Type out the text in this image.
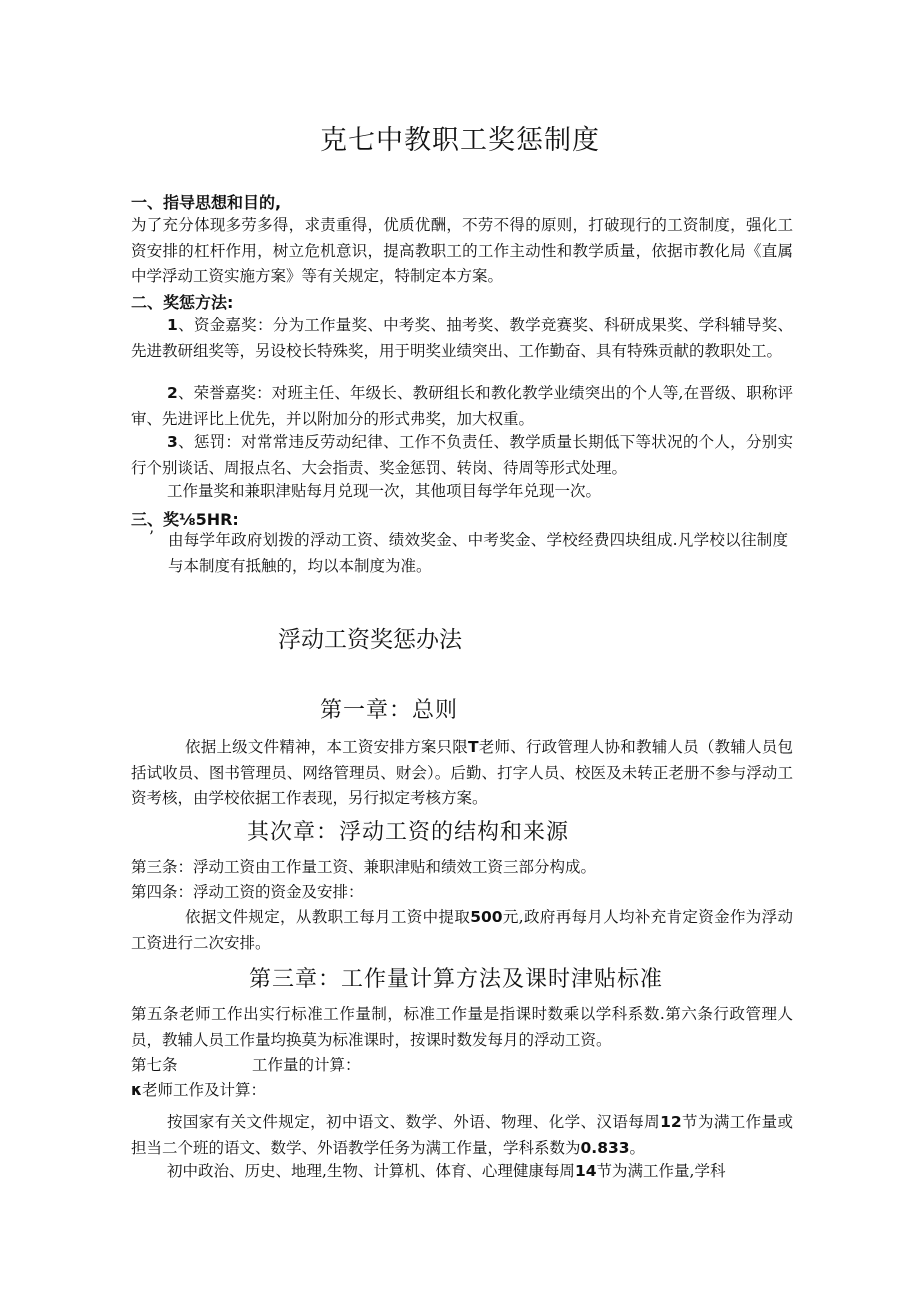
克七中教职工奖惩制度
一、指导思想和目的,

为了充分体现多劳多得，求责重得，优质优酬，不劳不得的原则，打破现行的工资制度，强化工资安排的杠杆作用，树立危机意识，提高教职工的工作主动性和教学质量，依据市教化局《直属中学浮动工资实施方案》等有关规定，特制定本方案。

二、奖惩方法:

1、资金嘉奖：分为工作量奖、中考奖、抽考奖、教学竞赛奖、科研成果奖、学科辅导奖、先进教研组奖等，另设校长特殊奖，用于明奖业绩突出、工作勤奋、具有特殊贡献的教职处工。

2、荣誉嘉奖：对班主任、年级长、教研组长和教化教学业绩突出的个人等,在晋级、职称评审、先进评比上优先，并以附加分的形式弗奖，加大权重。

3、惩罚：对常常违反劳动纪律、工作不负责任、教学质量长期低下等状况的个人，分别实行个别谈话、周报点名、大会指责、奖金惩罚、转岗、待周等形式处理。

工作量奖和兼职津贴每月兑现一次，其他项目每学年兑现一次。

三、奖⅛5HR:
’ 由每学年政府划拨的浮动工资、绩效奖金、中考奖金、学校经费四块组成.凡学校以往制度与本制度有抵触的，均以本制度为准。

浮动工资奖惩办法
第一章：总则

依据上级文件精神，本工资安排方案只限T老师、行政管理人协和教辅人员（教辅人员包括试收员、图书管理员、网络管理员、财会）。后勤、打字人员、校医及未转正老册不参与浮动工资考核，由学校依据工作表现，另行拟定考核方案。

其次章：浮动工资的结构和来源
第三条：浮动工资由工作量工资、兼职津贴和绩效工资三部分构成。
第四条：浮动工资的资金及安排：

依据文件规定，从教职工每月工资中提取500元,政府再每月人均补充肯定资金作为浮动工资进行二次安排。

第三章：工作量计算方法及课时津贴标准

第五条老师工作出实行标准工作量制，标准工作量是指课时数乘以学科系数.第六条行政管理人员，教辅人员工作量均换莫为标准课时，按课时数发每月的浮动工资。

第七条	工作量的计算：
κ老师工作及计算：

按国家有关文件规定，初中语文、数学、外语、物理、化学、汉语每周12节为满工作量或担当二个班的语文、数学、外语教学任务为满工作量，学科系数为0.833。

初中政治、历史、地理,生物、计算机、体育、心理健康每周14节为满工作量,学科
